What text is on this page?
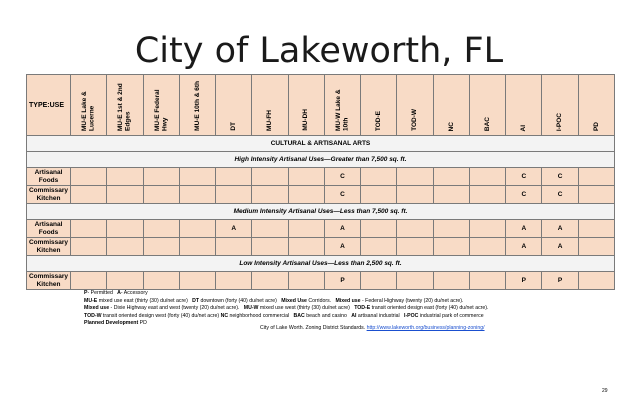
City of Lakeworth, FL
TYPE:USE	MU-E Lake & Lucerne	MU-E 1st & 2nd Edges	MU-E Federal Hwy	MU-E 10th & 6th	DT	MU-FH	MU-DH	MU-W Lake & 10th	TOD-E	TOD-W	NC	BAC	AI	I-POC	PD
CULTURAL & ARTISANAL ARTS															
High Intensity Artisanal Uses—Greater than 7,500 sq. ft.															
Artisanal Foods								C					C	C	
Commissary Kitchen								C					C	C	
Medium Intensity Artisanal Uses—Less than 7,500 sq. ft.															
Artisanal Foods					A			A					A	A	
Commissary Kitchen								A					A	A	
Low Intensity Artisanal Uses—Less than 2,500 sq. ft.															
Commissary Kitchen								P					P	P	
P- Permitted A- Accessory
MU-E mixed use east (thirty (30) du/net acre) DT downtown (forty (40) du/net acre) Mixed Use Corridors. Mixed use - Federal Highway (twenty (20) du/net acre).
Mixed use - Dixie Highway east and west (twenty (20) du/net acre). MU-W mixed use west (thirty (30) du/net acre) TOD-E transit oriented design east (forty (40) du/net acre).
TOD-W transit oriented design west (forty (40) du/net acre) NC neighborhood commercial BAC beach and casino AI artisanal industrial I-POC industrial park of commerce
Planned Development PD
City of Lake Worth. Zoning District Standards. http://www.lakeworth.org/business/planning-zoning/
29
